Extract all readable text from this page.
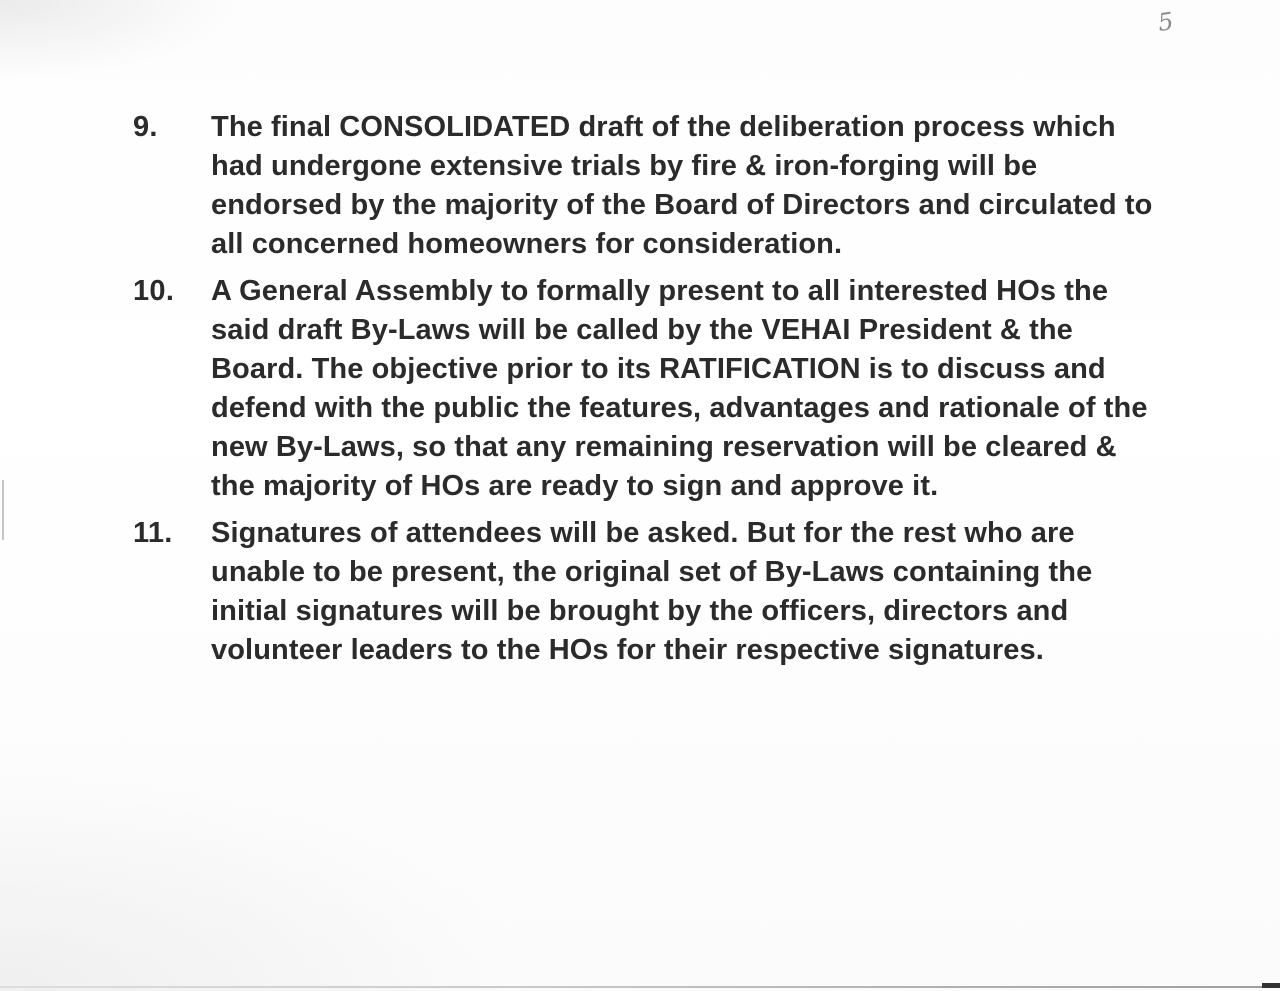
5
9. The final CONSOLIDATED draft of the deliberation process which had undergone extensive trials by fire & iron-forging will be endorsed by the majority of the Board of Directors and circulated to all concerned homeowners for consideration.

10. A General Assembly to formally present to all interested HOs the said draft By-Laws will be called by the VEHAI President & the Board. The objective prior to its RATIFICATION is to discuss and defend with the public the features, advantages and rationale of the new By-Laws, so that any remaining reservation will be cleared & the majority of HOs are ready to sign and approve it.

11. Signatures of attendees will be asked. But for the rest who are unable to be present, the original set of By-Laws containing the initial signatures will be brought by the officers, directors and volunteer leaders to the HOs for their respective signatures.
